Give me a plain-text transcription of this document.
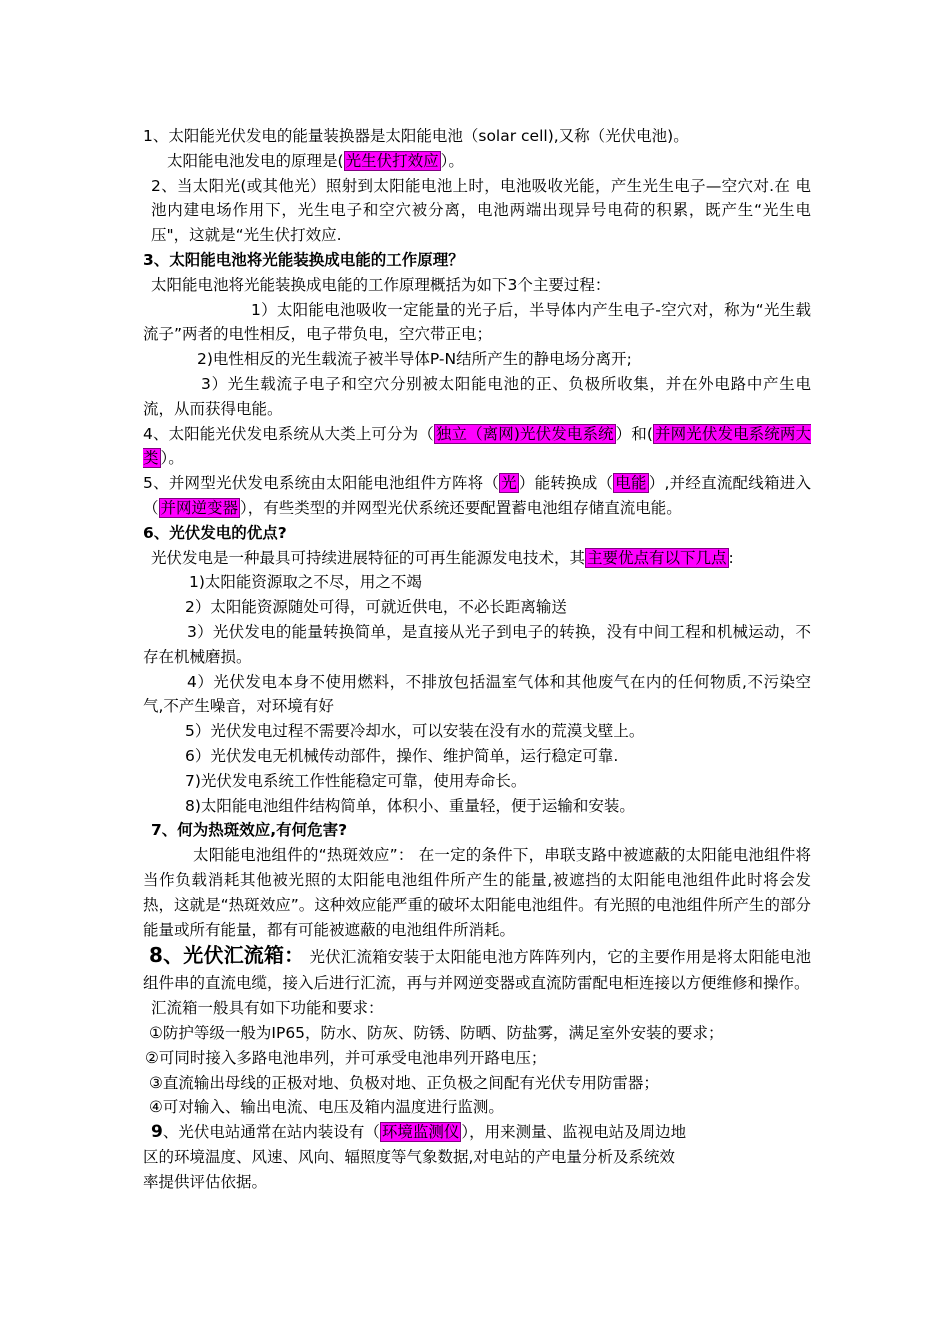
1、太阳能光伏发电的能量装换器是太阳能电池（solar cell),又称（光伏电池)。

太阳能电池发电的原理是( 光生伏打效应 ）。

2、当太阳光(或其他光）照射到太阳能电池上时，电池吸收光能，产生光生电子—空穴对.在 电池内建电场作用下，光生电子和空穴被分离，电池两端出现异号电荷的积累，既产生“光生电压"，这就是“光生伏打效应.

3、太阳能电池将光能装换成电能的工作原理？

太阳能电池将光能装换成电能的工作原理概括为如下3个主要过程：

1）太阳能电池吸收一定能量的光子后，半导体内产生电子-空穴对，称为“光生载流子”两者的电性相反，电子带负电，空穴带正电；

2)电性相反的光生载流子被半导体P-N结所产生的静电场分离开;

3）光生载流子电子和空穴分别被太阳能电池的正、负极所收集，并在外电路中产生电流，从而获得电能。

4、太阳能光伏发电系统从大类上可分为（ 独立（离网)光伏发电系统 ）和( 并网光伏发电系统两大类 ）。

5、并网型光伏发电系统由太阳能电池组件方阵将（ 光 ）能转换成（ 电能 ）,并经直流配线箱进入（ 并网逆变器 ），有些类型的并网型光伏系统还要配置蓄电池组存储直流电能。

6、光伏发电的优点?

光伏发电是一种最具可持续进展特征的可再生能源发电技术，其 主要优点有以下几点 :

1)太阳能资源取之不尽，用之不竭

2）太阳能资源随处可得，可就近供电，不必长距离输送

3）光伏发电的能量转换简单，是直接从光子到电子的转换，没有中间工程和机械运动，不存在机械磨损。

4）光伏发电本身不使用燃料，不排放包括温室气体和其他废气在内的任何物质,不污染空气,不产生噪音，对环境有好

5）光伏发电过程不需要冷却水，可以安装在没有水的荒漠戈壁上。

6）光伏发电无机械传动部件，操作、维护简单，运行稳定可靠.

7)光伏发电系统工作性能稳定可靠，使用寿命长。

8)太阳能电池组件结构简单，体积小、重量轻，便于运输和安装。

7、何为热斑效应,有何危害?

太阳能电池组件的“热斑效应”： 在一定的条件下，串联支路中被遮蔽的太阳能电池组件将当作负载消耗其他被光照的太阳能电池组件所产生的能量,被遮挡的太阳能电池组件此时将会发热，这就是“热斑效应”。这种效应能严重的破坏太阳能电池组件。有光照的电池组件所产生的部分能量或所有能量，都有可能被遮蔽的电池组件所消耗。

8、光伏汇流箱： 光伏汇流箱安装于太阳能电池方阵阵列内，它的主要作用是将太阳能电池组件串的直流电缆，接入后进行汇流，再与并网逆变器或直流防雷配电柜连接以方便维修和操作。

汇流箱一般具有如下功能和要求：

①防护等级一般为IP65，防水、防灰、防锈、防晒、防盐雾，满足室外安装的要求；

②可同时接入多路电池串列，并可承受电池串列开路电压；

③直流输出母线的正极对地、负极对地、正负极之间配有光伏专用防雷器；

④可对输入、输出电流、电压及箱内温度进行监测。

9、光伏电站通常在站内装设有（ 环境监测仪 ），用来测量、监视电站及周边地

区的环境温度、风速、风向、辐照度等气象数据,对电站的产电量分析及系统效

率提供评估依据。
